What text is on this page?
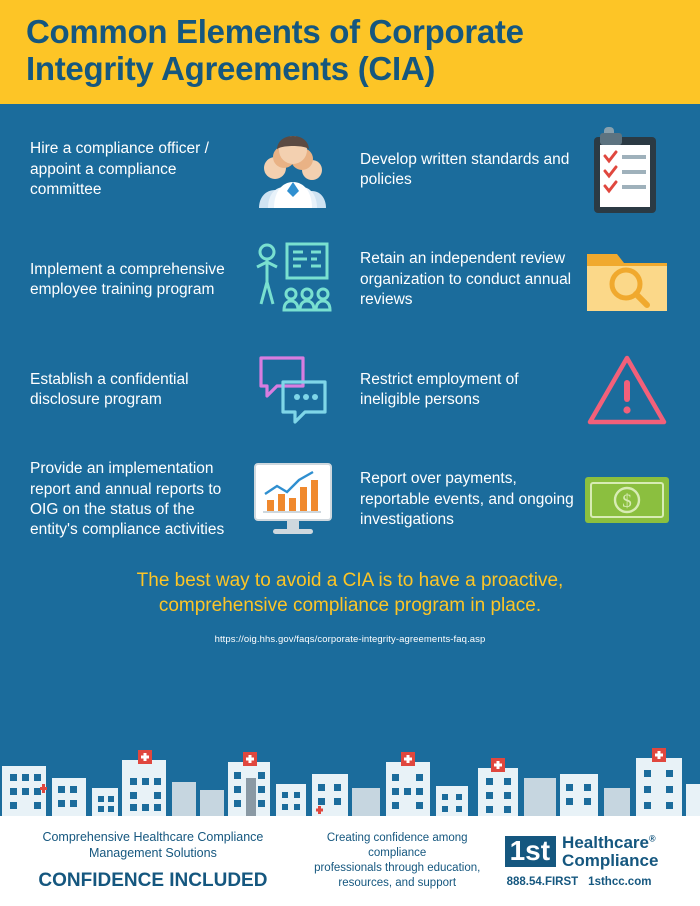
Common Elements of Corporate
Integrity Agreements (CIA)
Hire a compliance officer / appoint a compliance committee
Develop written standards and policies
Implement a comprehensive employee training program
Retain an independent review organization to conduct annual reviews
Establish a confidential disclosure program
Restrict employment of ineligible persons
Provide an implementation report and annual reports to OIG on the status of the entity's compliance activities
Report over payments, reportable events, and ongoing investigations
$
The best way to avoid a CIA is to have a proactive,
comprehensive compliance program in place.
https://oig.hhs.gov/faqs/corporate-integrity-agreements-faq.asp
Comprehensive Healthcare Compliance
Management Solutions
CONFIDENCE INCLUDED
Creating confidence among compliance
professionals through education,
resources, and support
1st Healthcare®
Compliance
888.54.FIRST 1sthcc.com
